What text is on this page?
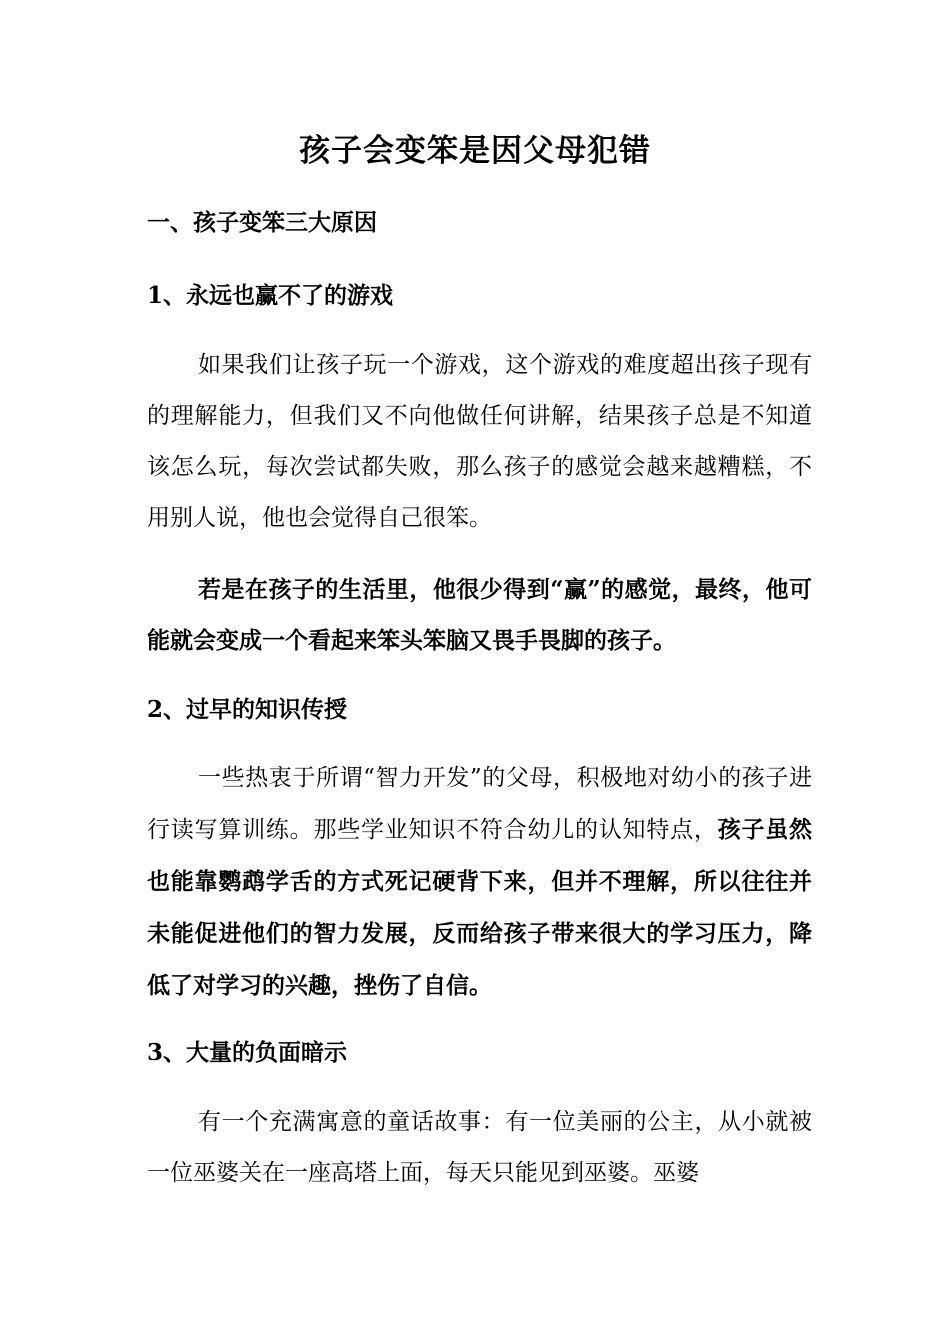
孩子会变笨是因父母犯错
一、孩子变笨三大原因
1、永远也赢不了的游戏

如果我们让孩子玩一个游戏，这个游戏的难度超出孩子现有的理解能力，但我们又不向他做任何讲解，结果孩子总是不知道该怎么玩，每次尝试都失败，那么孩子的感觉会越来越糟糕，不用别人说，他也会觉得自己很笨。

若是在孩子的生活里，他很少得到“赢”的感觉，最终，他可能就会变成一个看起来笨头笨脑又畏手畏脚的孩子。

2、过早的知识传授

一些热衷于所谓“智力开发”的父母，积极地对幼小的孩子进行读写算训练。那些学业知识不符合幼儿的认知特点，孩子虽然也能靠鹦鹉学舌的方式死记硬背下来，但并不理解，所以往往并未能促进他们的智力发展，反而给孩子带来很大的学习压力，降低了对学习的兴趣，挫伤了自信。

3、大量的负面暗示

有一个充满寓意的童话故事：有一位美丽的公主，从小就被一位巫婆关在一座高塔上面，每天只能见到巫婆。巫婆
